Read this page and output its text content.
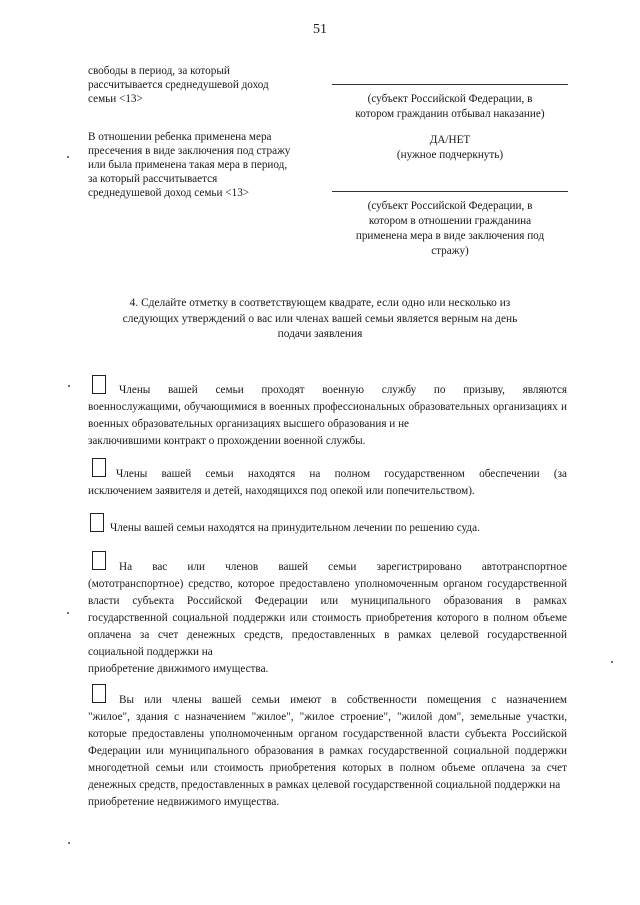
51
свободы в период, за который
рассчитывается среднедушевой доход
семьи <13>	(субъект Российской Федерации, в
котором гражданин отбывал наказание)
В отношении ребенка применена мера
пресечения в виде заключения под стражу
или была применена такая мера в период,
за который рассчитывается
среднедушевой доход семьи <13>
ДА/НЕТ
(нужное подчеркнуть)
(субъект Российской Федерации, в
котором в отношении гражданина
применена мера в виде заключения под
стражу)
4. Сделайте отметку в соответствующем квадрате, если одно или несколько из
следующих утверждений о вас или членах вашей семьи является верным на день
подачи заявления

Члены вашей семьи проходят военную службу по призыву, являются

военнослужащими, обучающимися в военных профессиональных образовательных организациях и военных образовательных организациях высшего образования и не

заключившими контракт о прохождении военной службы.

Члены вашей семьи находятся на полном государственном обеспечении (за

исключением заявителя и детей, находящихся под опекой или попечительством).

Члены вашей семьи находятся на принудительном лечении по решению суда.

На вас или членов вашей семьи зарегистрировано автотранспортное

(мототранспортное) средство, которое предоставлено уполномоченным органом государственной власти субъекта Российской Федерации или муниципального образования в рамках государственной социальной поддержки или стоимость приобретения которого в полном объеме оплачена за счет денежных средств, предоставленных в рамках целевой государственной социальной поддержки на

приобретение движимого имущества.

Вы или члены вашей семьи имеют в собственности помещения с назначением

"жилое", здания с назначением "жилое", "жилое строение", "жилой дом", земельные участки, которые предоставлены уполномоченным органом государственной власти субъекта Российской Федерации или муниципального образования в рамках государственной социальной поддержки многодетной семьи или стоимость приобретения которых в полном объеме оплачена за счет денежных средств, предоставленных в рамках целевой государственной социальной поддержки на

приобретение недвижимого имущества.
